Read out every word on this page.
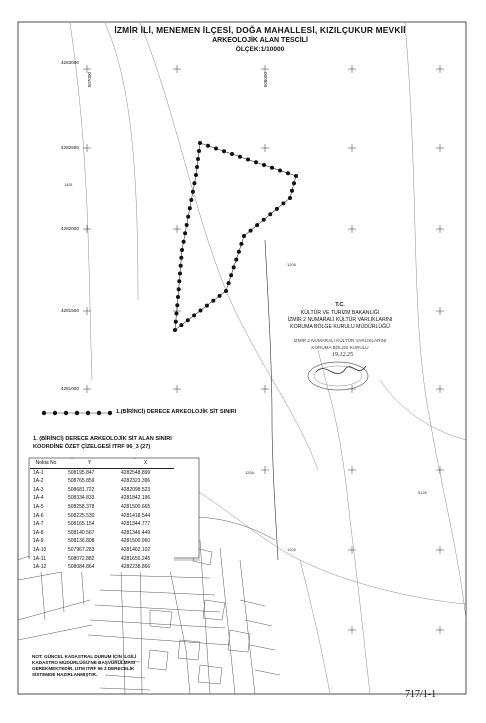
İZMİR İLİ, MENEMEN İLÇESİ, DOĞA MAHALLESİ, KIZILÇUKUR MEVKİİ
ARKEOLOJİK ALAN TESCİLİ
ÖLÇEK:1/10000
4283000
4282500
4282000
4281500
4281000
507000	508000
1451
1206
1206
5126
1205
1.(BİRİNCİ) DERECE ARKEOLOJİK SİT SINIRI
1. (BİRİNCİ) DERECE ARKEOLOJİK SİT ALAN SINIRI
KOORDİNE ÖZET ÇİZELGESİ ITRF 96_3 (27)
Nokta No	Y	X
1A-1	508195.847	4282548.899
1A-2	508765.859	4282323.396
1A-3	508681.722	4282098.523
1A-4	508334.833	4281842.196
1A-5	508258.378	4281500.665
1A-6	508225.530	4281418.544
1A-7	508165.154	4281344.777
1A-8	508140.567	4281346.449
1A-9	508136.808	4281500.960
1A-10	507967.283	4281462.102
1A-11	508072.882	4281650.245
1A-12	508084.864	4282238.866
NOT: GÜNCEL KADASTRAL DURUM İÇİN İLGİLİ KADASTRO MÜDÜRLÜĞÜ'NE BAŞVURULMASI GEREKMEKTEDİR. UTM ITRF 96 3 DERECELİK SİSTEMDE HAZIRLANMIŞTIR.
T.C.
KÜLTÜR VE TURİZM BAKANLIĞI
İZMİR 2 NUMARALI KÜLTÜR VARLIKLARINI
KORUMA BÖLGE KURULU MÜDÜRLÜĞÜ
İZMİR 2 NUMARALI KÜLTÜR VARLIKLARINI
KORUMA BÖLGE KURULU
19.12.25
717/1-1
